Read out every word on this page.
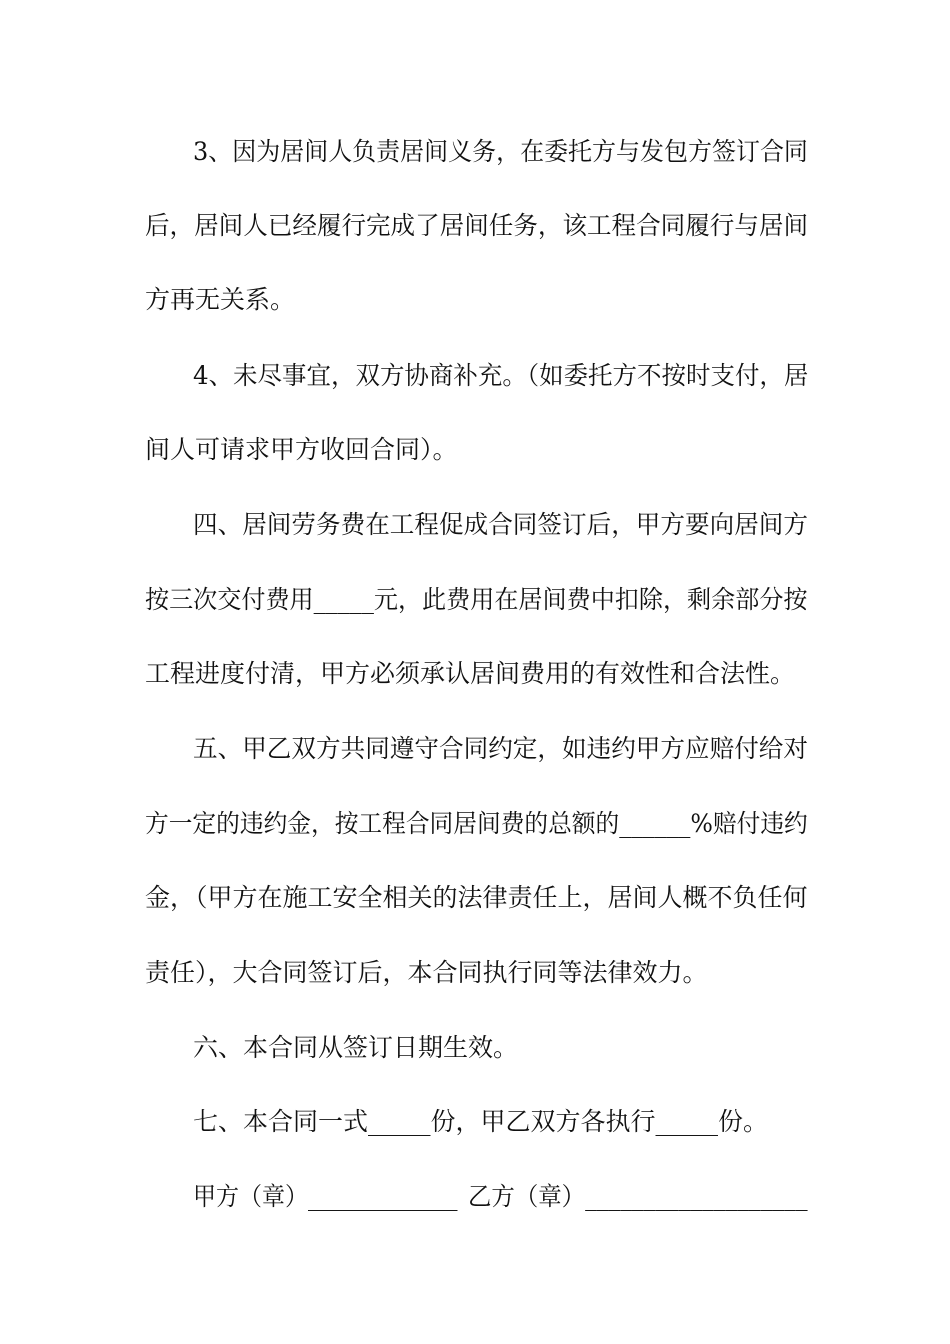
3、因为居间人负责居间义务，在委托方与发包方签订合同
后，居间人已经履行完成了居间任务，该工程合同履行与居间
方再无关系。
4、未尽事宜，双方协商补充。（如委托方不按时支付，居
间人可请求甲方收回合同）。
四、居间劳务费在工程促成合同签订后，甲方要向居间方
按三次交付费用_____元，此费用在居间费中扣除，剩余部分按
工程进度付清，甲方必须承认居间费用的有效性和合法性。
五、甲乙双方共同遵守合同约定，如违约甲方应赔付给对
方一定的违约金，按工程合同居间费的总额的______%赔付违约
金，（甲方在施工安全相关的法律责任上，居间人概不负任何
责任），大合同签订后，本合同执行同等法律效力。
六、本合同从签订日期生效。
七、本合同一式_____份，甲乙双方各执行_____份。

甲方（章）_____________

乙方（章）___________________
